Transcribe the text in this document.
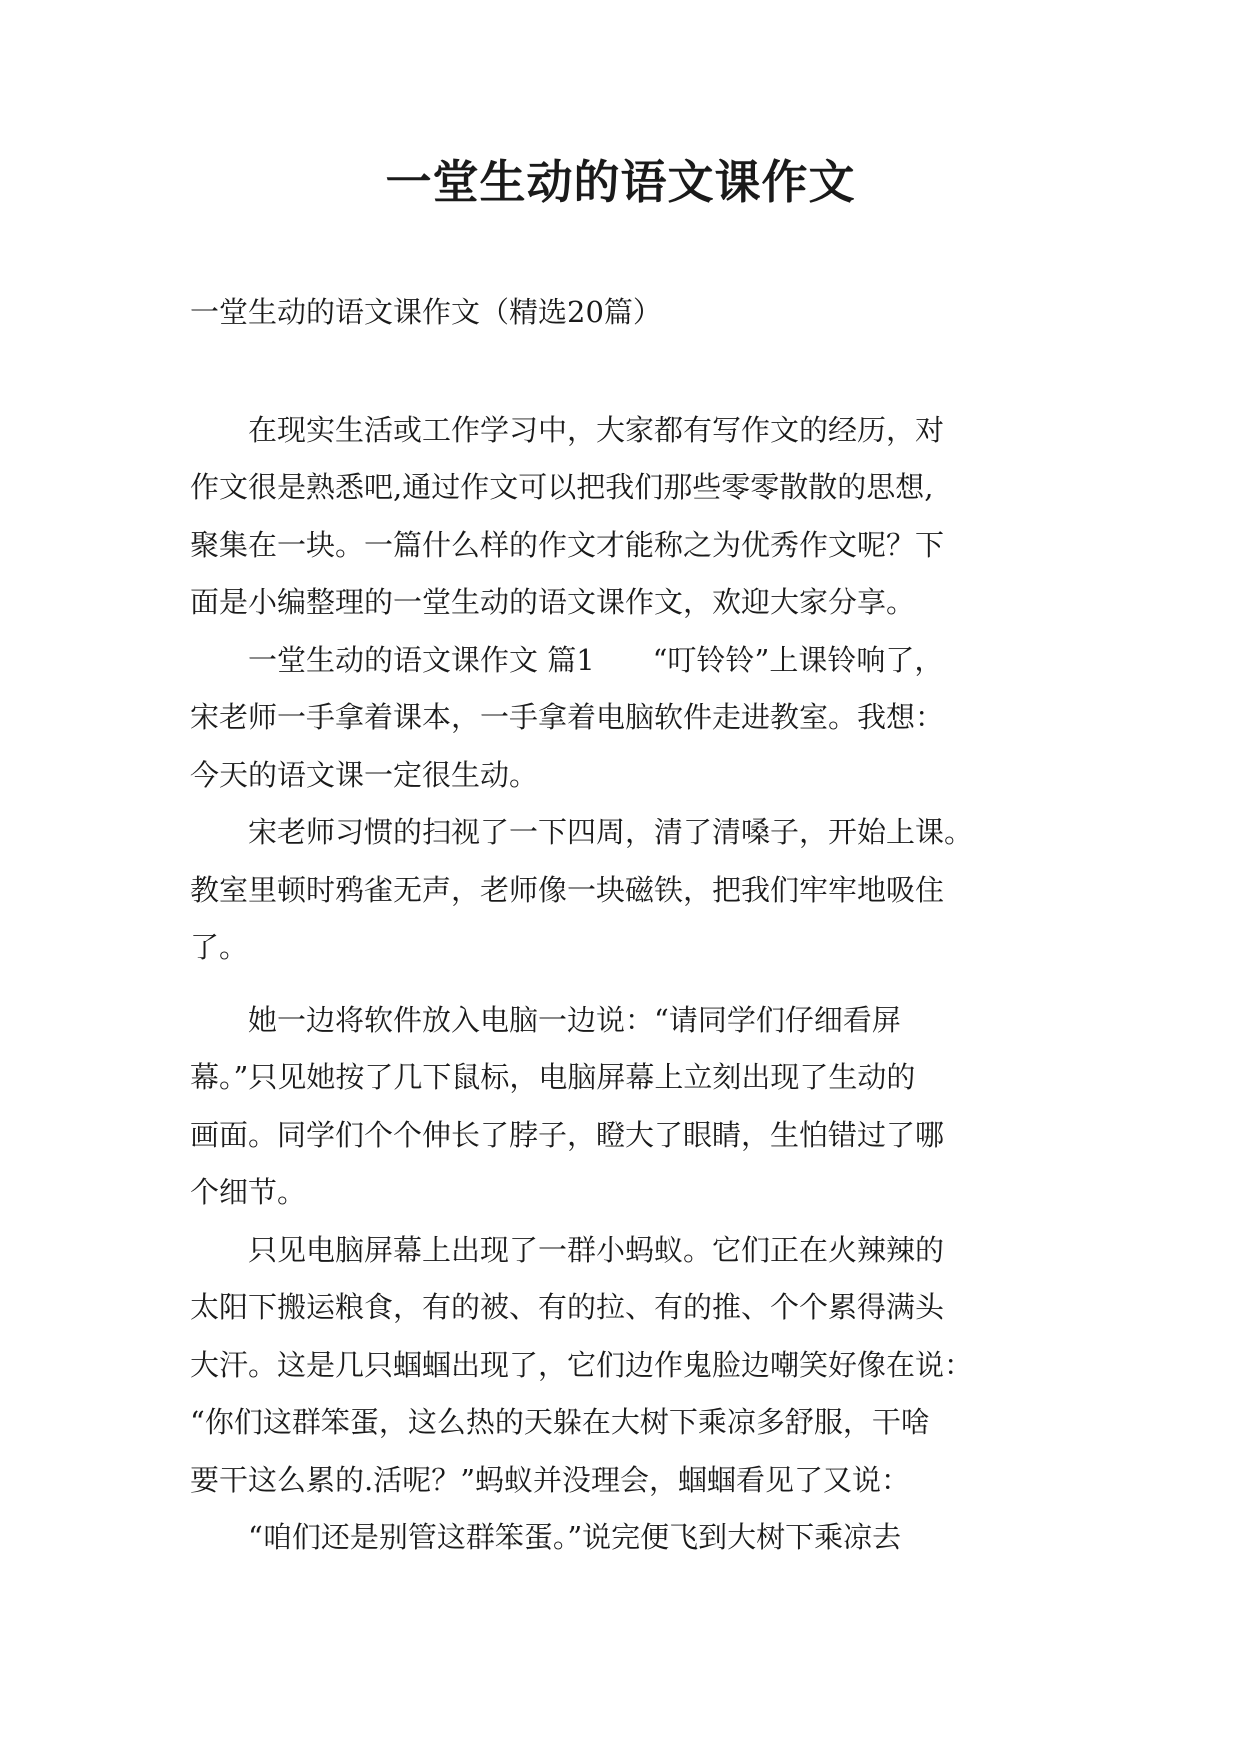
一堂生动的语文课作文

一堂生动的语文课作文（精选20篇）

　　在现实生活或工作学习中，大家都有写作文的经历，对

作文很是熟悉吧,通过作文可以把我们那些零零散散的思想,

聚集在一块。一篇什么样的作文才能称之为优秀作文呢？下

面是小编整理的一堂生动的语文课作文，欢迎大家分享。

　　一堂生动的语文课作文 篇1　　“叮铃铃”上课铃响了，

宋老师一手拿着课本，一手拿着电脑软件走进教室。我想：

今天的语文课一定很生动。

　　宋老师习惯的扫视了一下四周，清了清嗓子，开始上课。

教室里顿时鸦雀无声，老师像一块磁铁，把我们牢牢地吸住

了。

　　她一边将软件放入电脑一边说：“请同学们仔细看屏

幕。”只见她按了几下鼠标，电脑屏幕上立刻出现了生动的

画面。同学们个个伸长了脖子，瞪大了眼睛，生怕错过了哪

个细节。

　　只见电脑屏幕上出现了一群小蚂蚁。它们正在火辣辣的

太阳下搬运粮食，有的被、有的拉、有的推、个个累得满头

大汗。这是几只蝈蝈出现了，它们边作鬼脸边嘲笑好像在说：

“你们这群笨蛋，这么热的天躲在大树下乘凉多舒服，干啥

要干这么累的.活呢？”蚂蚁并没理会，蝈蝈看见了又说：

　　“咱们还是别管这群笨蛋。”说完便飞到大树下乘凉去
